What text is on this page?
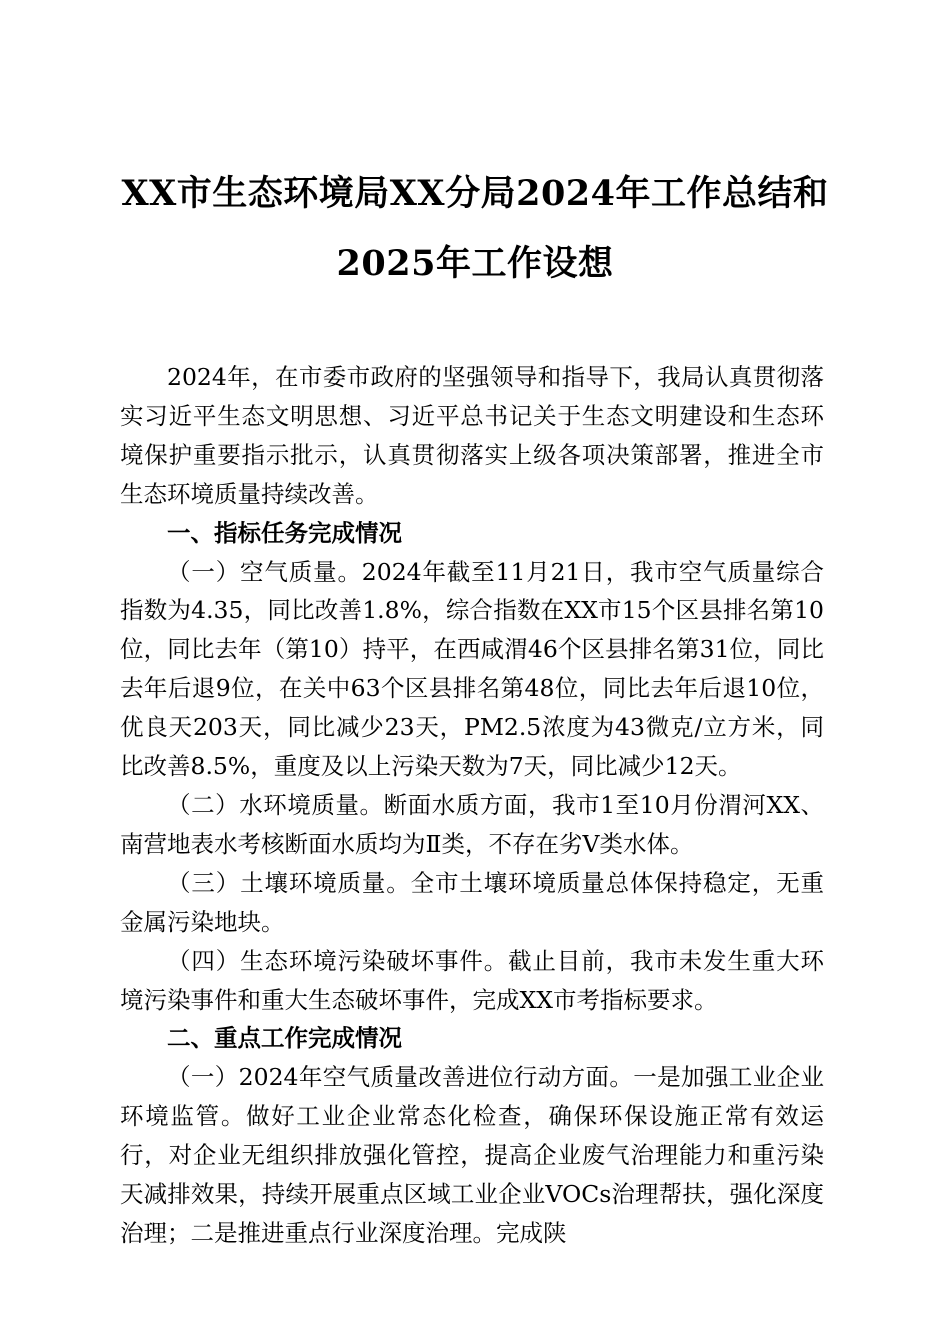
XX市生态环境局XX分局2024年工作总结和
2025年工作设想

2024年，在市委市政府的坚强领导和指导下，我局认真贯彻落实习近平生态文明思想、习近平总书记关于生态文明建设和生态环境保护重要指示批示，认真贯彻落实上级各项决策部署，推进全市生态环境质量持续改善。

一、指标任务完成情况

（一）空气质量。2024年截至11月21日，我市空气质量综合指数为4.35，同比改善1.8%，综合指数在XX市15个区县排名第10位，同比去年（第10）持平，在西咸渭46个区县排名第31位，同比去年后退9位，在关中63个区县排名第48位，同比去年后退10位，优良天203天，同比减少23天，PM2.5浓度为43微克/立方米，同比改善8.5%，重度及以上污染天数为7天，同比减少12天。

（二）水环境质量。断面水质方面，我市1至10月份渭河XX、南营地表水考核断面水质均为Ⅱ类，不存在劣V类水体。

（三）土壤环境质量。全市土壤环境质量总体保持稳定，无重金属污染地块。

（四）生态环境污染破坏事件。截止目前，我市未发生重大环境污染事件和重大生态破坏事件，完成XX市考指标要求。

二、重点工作完成情况

（一）2024年空气质量改善进位行动方面。一是加强工业企业环境监管。做好工业企业常态化检查，确保环保设施正常有效运行，对企业无组织排放强化管控，提高企业废气治理能力和重污染天减排效果，持续开展重点区域工业企业VOCs治理帮扶，强化深度治理；二是推进重点行业深度治理。完成陕
